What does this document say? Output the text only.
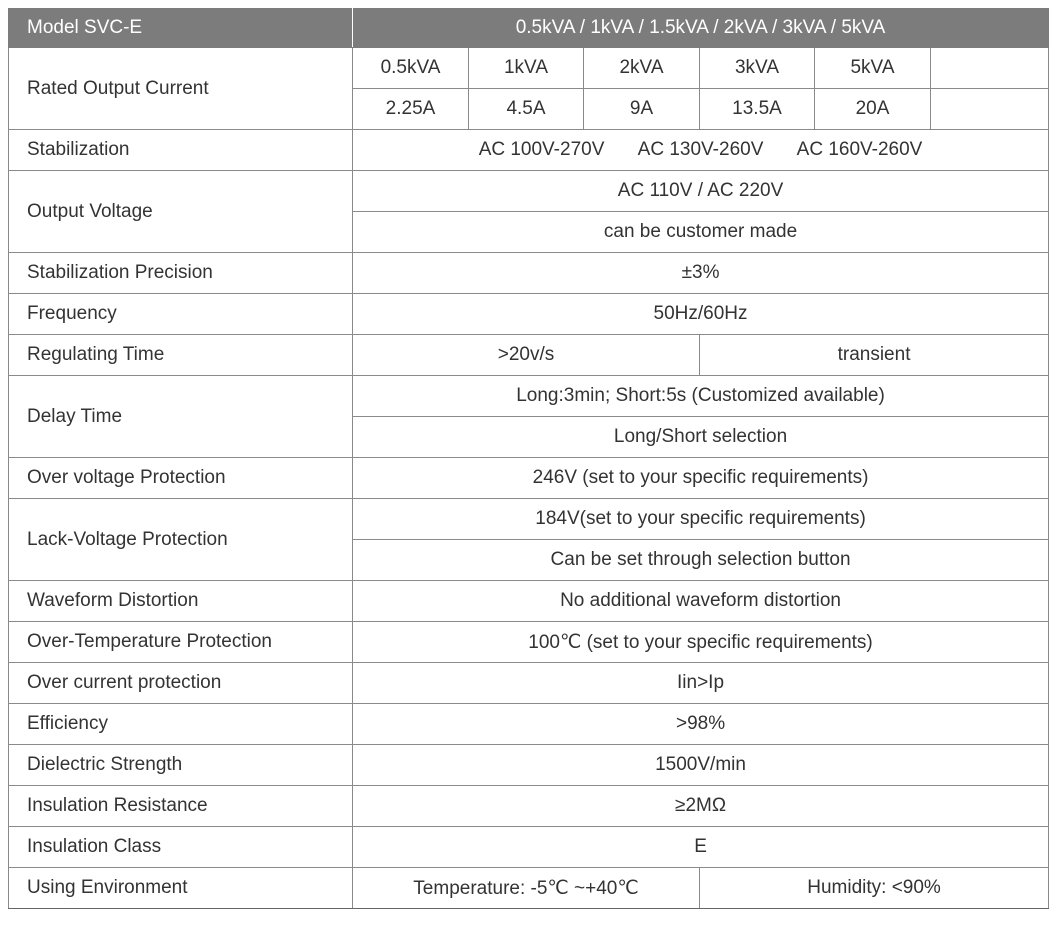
Model SVC-E	0.5kVA / 1kVA / 1.5kVA / 2kVA / 3kVA / 5kVA					
Rated Output Current	0.5kVA	1kVA	2kVA	3kVA	5kVA	
	2.25A	4.5A	9A	13.5A	20A	
Stabilization	AC 100V-270V AC 130V-260V AC 160V-260V					
Output Voltage	AC 110V / AC 220V					
	can be customer made					
Stabilization Precision	±3%					
Frequency	50Hz/60Hz					
Regulating Time	>20v/s			transient		
Delay Time	Long:3min; Short:5s (Customized available)					
	Long/Short selection					
Over voltage Protection	246V (set to your specific requirements)					
Lack-Voltage Protection	184V(set to your specific requirements)					
	Can be set through selection button					
Waveform Distortion	No additional waveform distortion					
Over-Temperature Protection	100℃ (set to your specific requirements)					
Over current protection	Iin>Ip					
Efficiency	>98%					
Dielectric Strength	1500V/min					
Insulation Resistance	≥2MΩ					
Insulation Class	E					
Using Environment	Temperature: -5℃ ~+40℃			Humidity: <90%		
